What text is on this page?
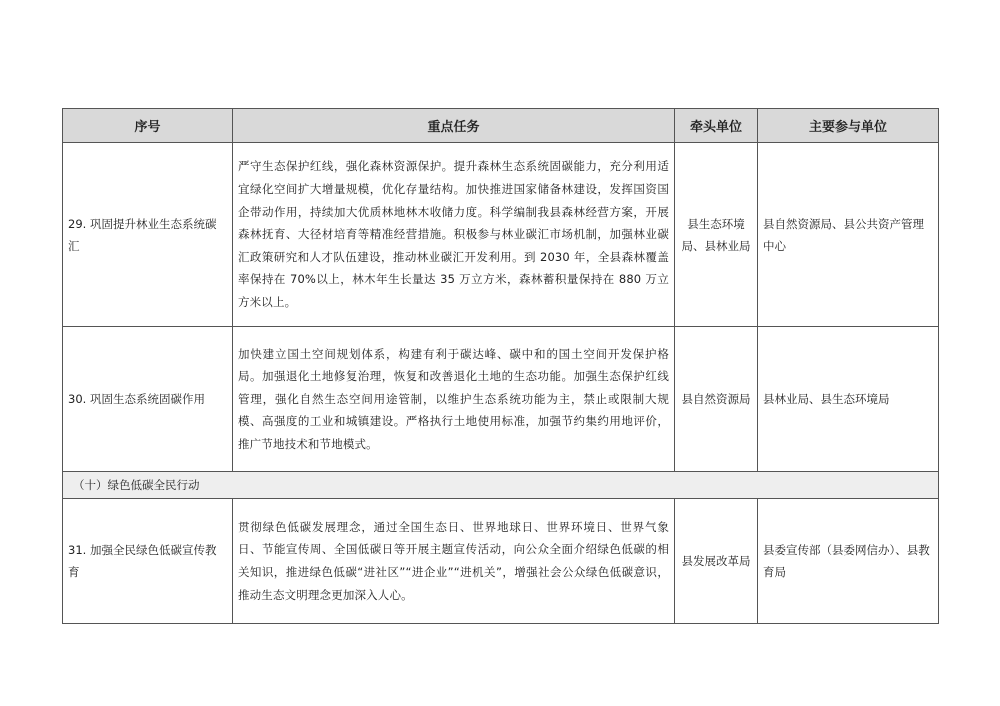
序号	重点任务	牵头单位	主要参与单位
29. 巩固提升林业生态系统碳汇	严守生态保护红线，强化森林资源保护。提升森林生态系统固碳能力，充分利用适宜绿化空间扩大增量规模，优化存量结构。加快推进国家储备林建设，发挥国资国企带动作用，持续加大优质林地林木收储力度。科学编制我县森林经营方案，开展森林抚育、大径材培育等精准经营措施。积极参与林业碳汇市场机制，加强林业碳汇政策研究和人才队伍建设，推动林业碳汇开发利用。到 2030 年，全县森林覆盖率保持在 70%以上，林木年生长量达 35 万立方米，森林蓄积量保持在 880 万立方米以上。	县生态环境局、县林业局	县自然资源局、县公共资产管理中心
30. 巩固生态系统固碳作用	加快建立国土空间规划体系，构建有利于碳达峰、碳中和的国土空间开发保护格局。加强退化土地修复治理，恢复和改善退化土地的生态功能。加强生态保护红线管理，强化自然生态空间用途管制，以维护生态系统功能为主，禁止或限制大规模、高强度的工业和城镇建设。严格执行土地使用标准，加强节约集约用地评价，推广节地技术和节地模式。	县自然资源局	县林业局、县生态环境局
（十）绿色低碳全民行动			
31. 加强全民绿色低碳宣传教育	贯彻绿色低碳发展理念，通过全国生态日、世界地球日、世界环境日、世界气象日、节能宣传周、全国低碳日等开展主题宣传活动，向公众全面介绍绿色低碳的相关知识，推进绿色低碳“进社区”“进企业”“进机关”，增强社会公众绿色低碳意识，推动生态文明理念更加深入人心。	县发展改革局	县委宣传部（县委网信办）、县教育局
